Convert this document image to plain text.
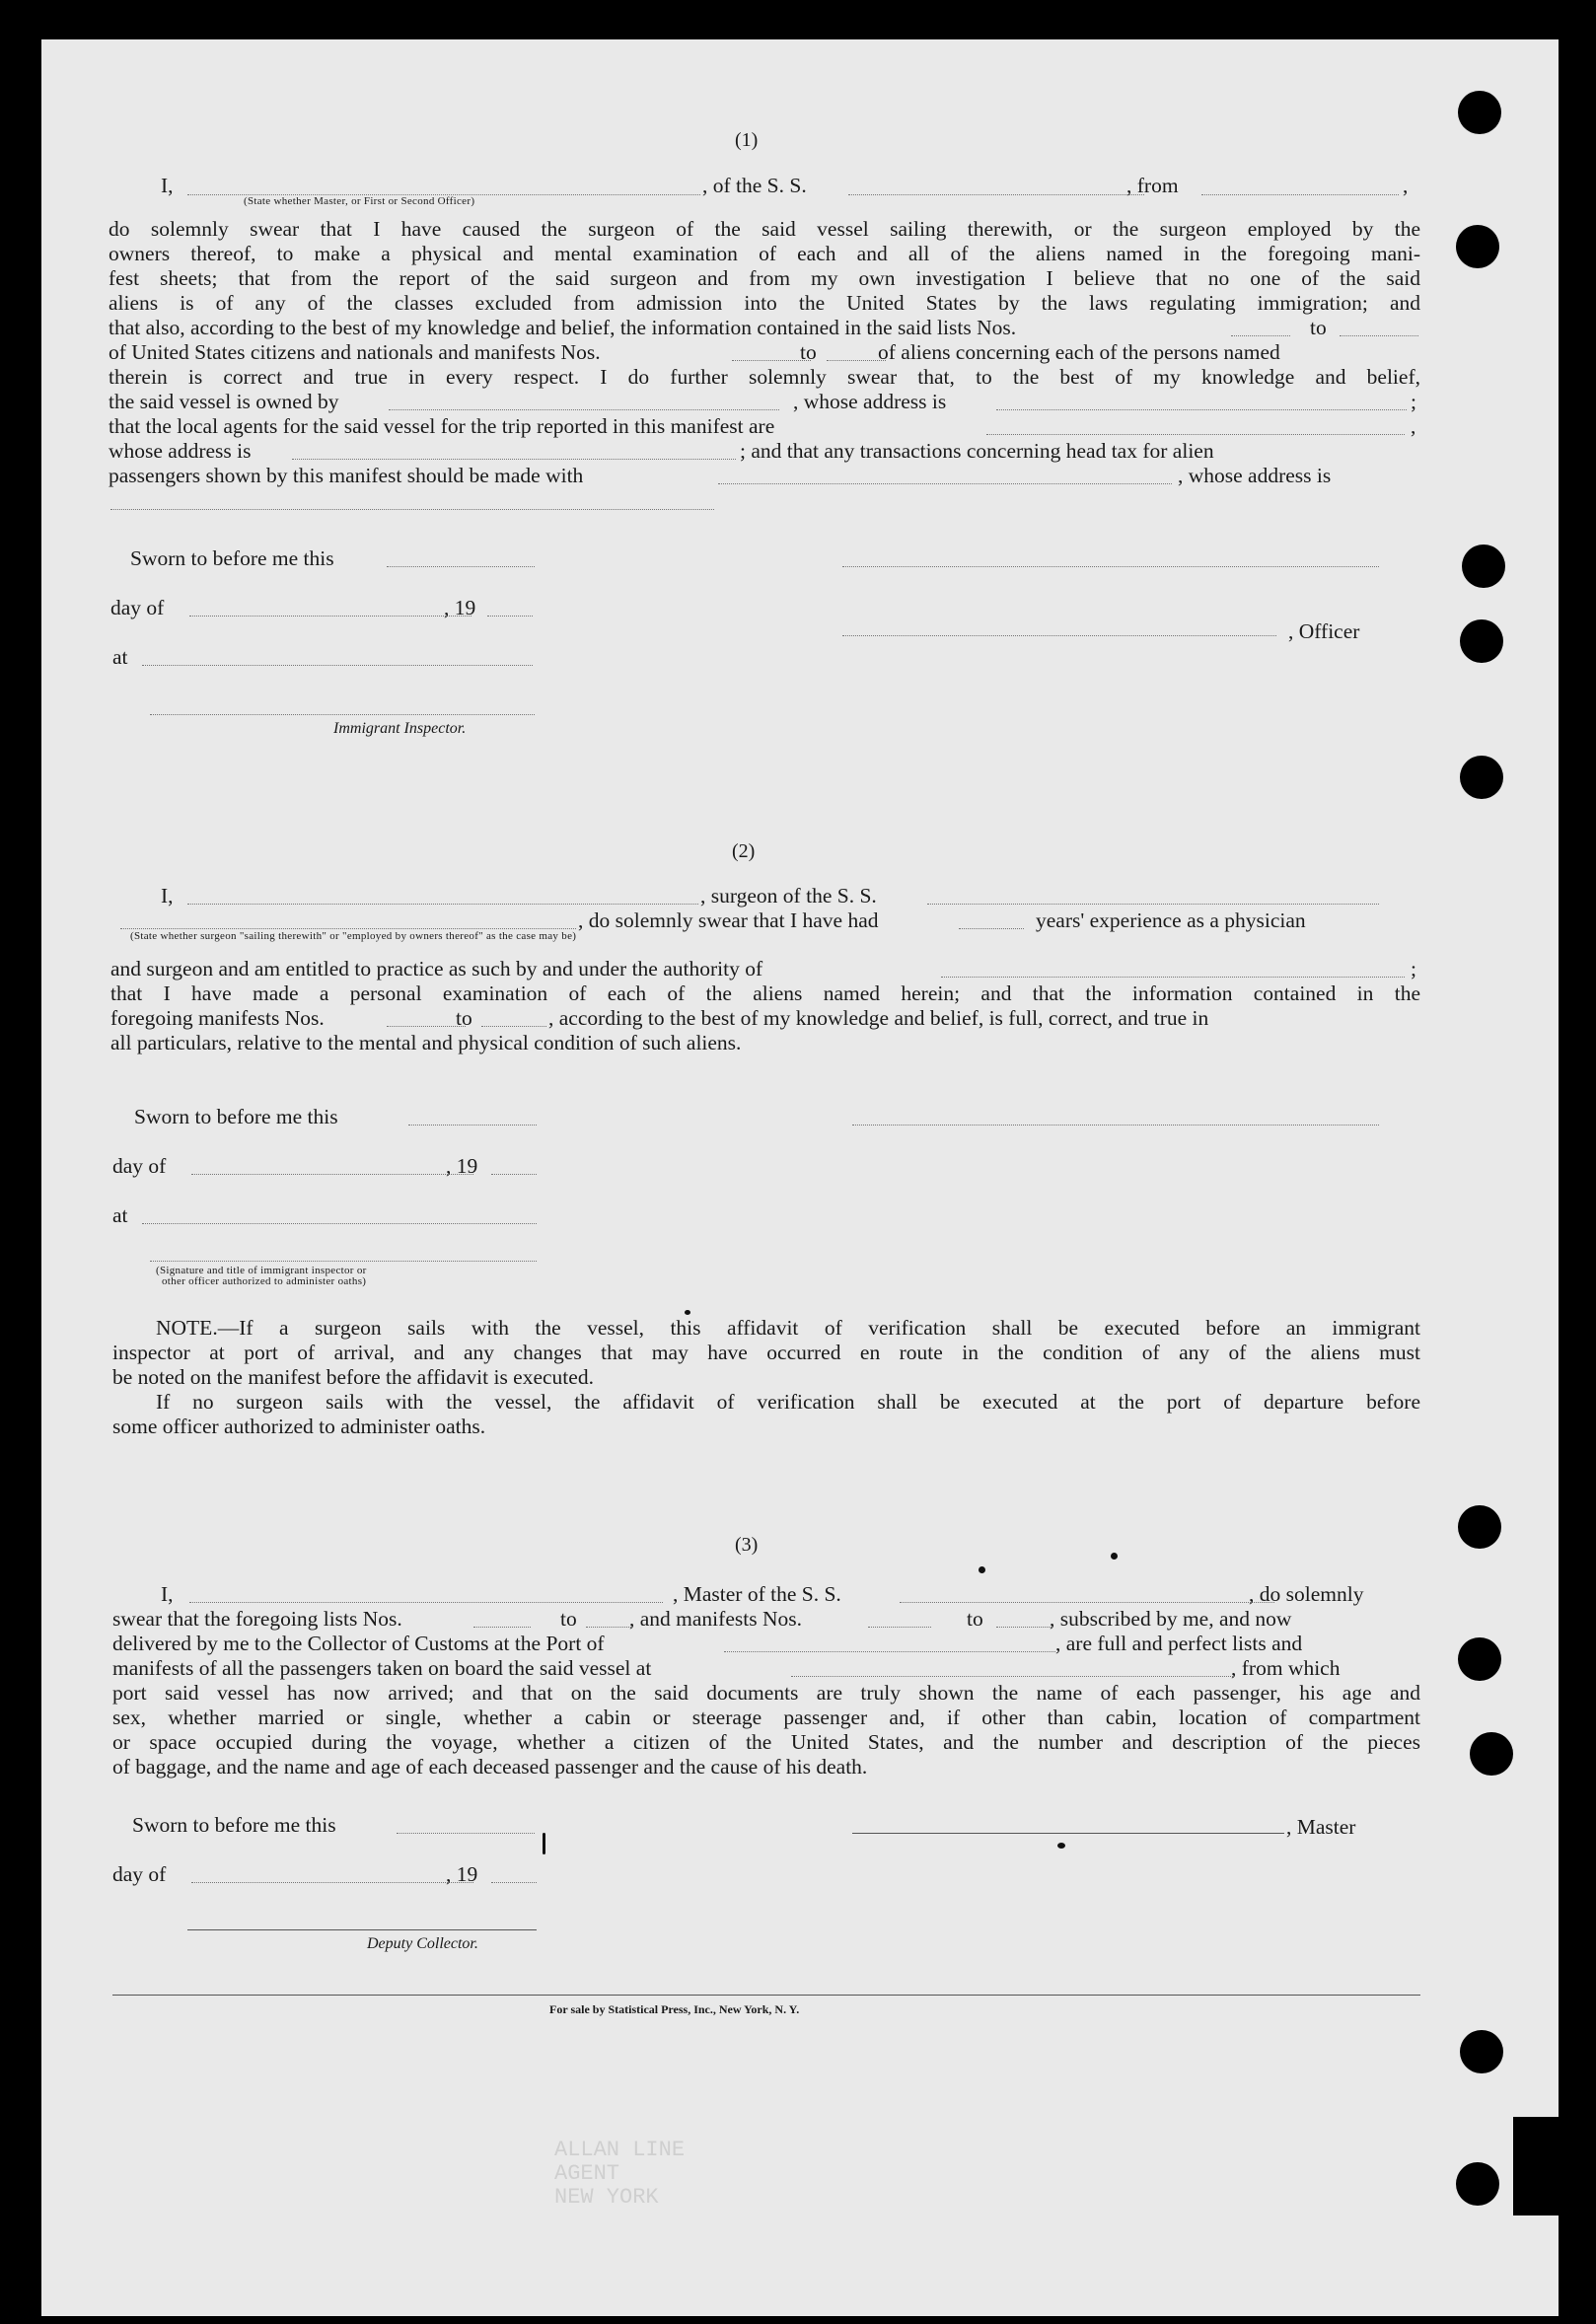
(1)
I,
(State whether Master, or First or Second Officer)
, of the S. S.	, from	,
do solemnly swear that I have caused the surgeon of the said vessel sailing therewith, or the surgeon employed by the
owners thereof, to make a physical and mental examination of each and all of the aliens named in the foregoing mani-
fest sheets; that from the report of the said surgeon and from my own investigation I believe that no one of the said
aliens is of any of the classes excluded from admission into the United States by the laws regulating immigration; and
that also, according to the best of my knowledge and belief, the information contained in the said lists Nos.	to
of United States citizens and nationals and manifests Nos.	to	of aliens concerning each of the persons named
therein is correct and true in every respect. I do further solemnly swear that, to the best of my knowledge and belief,
the said vessel is owned by	, whose address is	;
that the local agents for the said vessel for the trip reported in this manifest are	,
whose address is	; and that any transactions concerning head tax for alien
passengers shown by this manifest should be made with	, whose address is
Sworn to before me this
day of	, 19
, Officer
at
Immigrant Inspector.
(2)
I,	, surgeon of the S. S.
, do solemnly swear that I have had	years' experience as a physician
(State whether surgeon "sailing therewith" or "employed by owners thereof" as the case may be)
and surgeon and am entitled to practice as such by and under the authority of	;
that I have made a personal examination of each of the aliens named herein; and that the information contained in the
foregoing manifests Nos.	to	, according to the best of my knowledge and belief, is full, correct, and true in
all particulars, relative to the mental and physical condition of such aliens.
Sworn to before me this
day of	, 19
at
(Signature and title of immigrant inspector or
other officer authorized to administer oaths)
NOTE.—If a surgeon sails with the vessel, this affidavit of verification shall be executed before an immigrant
inspector at port of arrival, and any changes that may have occurred en route in the condition of any of the aliens must
be noted on the manifest before the affidavit is executed.
If no surgeon sails with the vessel, the affidavit of verification shall be executed at the port of departure before
some officer authorized to administer oaths.
(3)
I,	, Master of the S. S.	, do solemnly
swear that the foregoing lists Nos.	to , and manifests Nos.	to	, subscribed by me, and now
delivered by me to the Collector of Customs at the Port of	, are full and perfect lists and
manifests of all the passengers taken on board the said vessel at	, from which
port said vessel has now arrived; and that on the said documents are truly shown the name of each passenger, his age and
sex, whether married or single, whether a cabin or steerage passenger and, if other than cabin, location of compartment
or space occupied during the voyage, whether a citizen of the United States, and the number and description of the pieces
of baggage, and the name and age of each deceased passenger and the cause of his death.
Sworn to before me this	, Master
day of	, 19
Deputy Collector.
For sale by Statistical Press, Inc., New York, N. Y.
ALLAN LINE
AGENT
NEW YORK
